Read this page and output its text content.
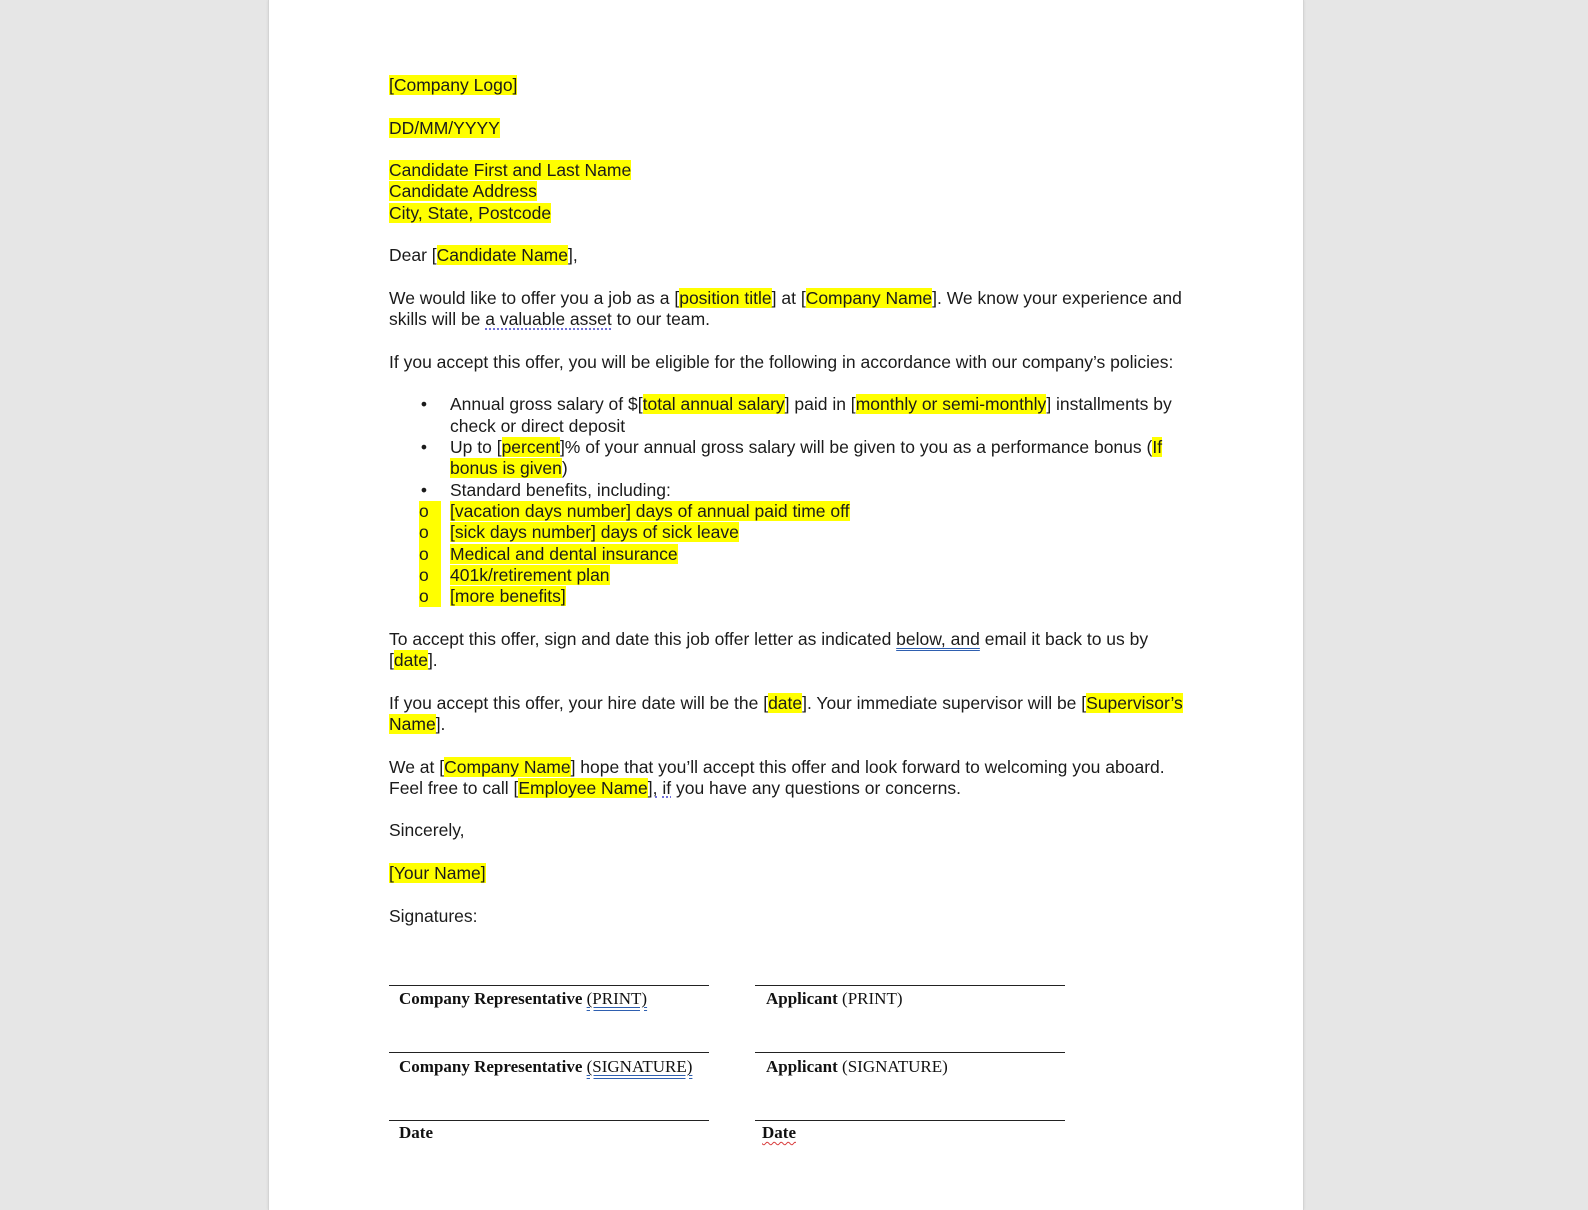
[Company Logo]

DD/MM/YYYY

Candidate First and Last Name
Candidate Address
City, State, Postcode

Dear [Candidate Name],

We would like to offer you a job as a [position title] at [Company Name]. We know your experience and skills will be a valuable asset to our team.

If you accept this offer, you will be eligible for the following in accordance with our company’s policies:

• Annual gross salary of $[total annual salary] paid in [monthly or semi-monthly] installments by check or direct deposit
• Up to [percent]% of your annual gross salary will be given to you as a performance bonus (If bonus is given)
• Standard benefits, including:
o	[vacation days number] days of annual paid time off
o	[sick days number] days of sick leave
o	Medical and dental insurance
o	401k/retirement plan
o	[more benefits]

To accept this offer, sign and date this job offer letter as indicated below, and email it back to us by [date].

If you accept this offer, your hire date will be the [date]. Your immediate supervisor will be [Supervisor’s Name].

We at [Company Name] hope that you’ll accept this offer and look forward to welcoming you aboard. Feel free to call [Employee Name], if you have any questions or concerns.

Sincerely,

[Your Name]

Signatures:

Company Representative (PRINT)	Applicant (PRINT)
Company Representative (SIGNATURE)	Applicant (SIGNATURE)
Date	Date
